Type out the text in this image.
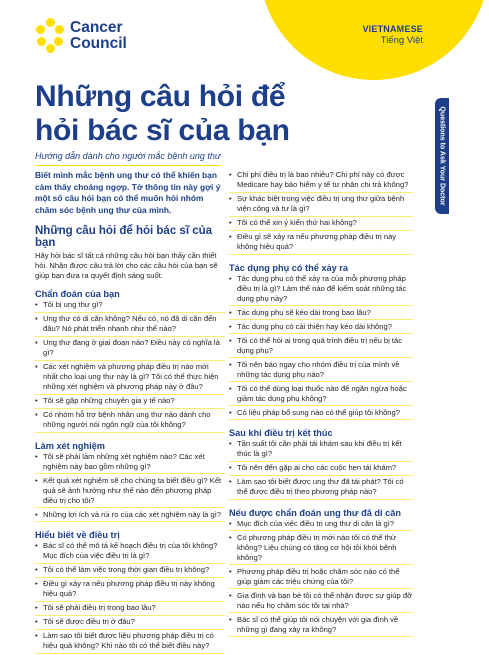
Cancer
Council
VIETNAMESE
Tiếng Việt
Questions to Ask Your Doctor
Những câu hỏi để
hỏi bác sĩ của bạn
Hướng dẫn dành cho người mắc bệnh ung thư
Biết mình mắc bệnh ung thư có thể khiến bạn cảm thấy choáng ngợp. Tờ thông tin này gợi ý một số câu hỏi bạn có thể muốn hỏi nhóm chăm sóc bệnh ung thư của mình.
Những câu hỏi để hỏi bác sĩ của bạn
Hãy hỏi bác sĩ tất cả những câu hỏi bạn thấy cần thiết hỏi. Nhận được câu trả lời cho các câu hỏi của bạn sẽ giúp bạn đưa ra quyết định sáng suốt.
Chẩn đoán của bạn
• Tôi bị ung thư gì?
• Ung thư có di căn không? Nếu có, nó đã di căn đến đâu? Nó phát triển nhanh như thế nào?
• Ung thư đang ở giai đoạn nào? Điều này có nghĩa là gì?
• Các xét nghiệm và phương pháp điều trị nào mới nhất cho loại ung thư này là gì? Tôi có thể thực hiện những xét nghiệm và phương pháp này ở đâu?
• Tôi sẽ gặp những chuyên gia y tế nào?
• Có nhóm hỗ trợ bệnh nhân ung thư nào dành cho những người nói ngôn ngữ của tôi không?
Làm xét nghiệm
• Tôi sẽ phải làm những xét nghiệm nào? Các xét nghiệm này bao gồm những gì?
• Kết quả xét nghiệm sẽ cho chúng ta biết điều gì? Kết quả sẽ ảnh hưởng như thế nào đến phương pháp điều trị cho tôi?
• Những lợi ích và rủi ro của các xét nghiệm này là gì?
Hiểu biết về điều trị
• Bác sĩ có thể mô tả kế hoạch điều trị của tôi không? Mục đích của việc điều trị là gì?
• Tôi có thể làm việc trong thời gian điều trị không?
• Điều gì xảy ra nếu phương pháp điều trị này không hiệu quả?
• Tôi sẽ phải điều trị trong bao lâu?
• Tôi sẽ được điều trị ở đâu?
• Làm sao tôi biết được liệu phương pháp điều trị có hiệu quả không? Khi nào tôi có thể biết điều này?
• Chi phí điều trị là bao nhiêu? Chi phí này có được Medicare hay bảo hiểm y tế tư nhân chi trả không?
• Sự khác biệt trong việc điều trị ung thư giữa bệnh viện công và tư là gì?
• Tôi có thể xin ý kiến thứ hai không?
• Điều gì sẽ xảy ra nếu phương pháp điều trị này không hiệu quả?
Tác dụng phụ có thể xảy ra
• Tác dụng phụ có thể xảy ra của mỗi phương pháp điều trị là gì? Làm thế nào để kiểm soát những tác dụng phụ này?
• Tác dụng phụ sẽ kéo dài trong bao lâu?
• Tác dụng phụ có cải thiện hay kéo dài không?
• Tôi có thể hỏi ai trong quá trình điều trị nếu bị tác dụng phụ?
• Tôi nên báo ngay cho nhóm điều trị của mình về những tác dụng phụ nào?
• Tôi có thể dùng loại thuốc nào để ngăn ngừa hoặc giảm tác dụng phụ không?
• Có liệu pháp bổ sung nào có thể giúp tôi không?
Sau khi điều trị kết thúc
• Tần suất tôi cần phải tái khám sau khi điều trị kết thúc là gì?
• Tôi nên đến gặp ai cho các cuộc hẹn tái khám?
• Làm sao tôi biết được ung thư đã tái phát? Tôi có thể được điều trị theo phương pháp nào?
Nếu được chẩn đoán ung thư đã di căn
• Mục đích của việc điều trị ung thư di căn là gì?
• Có phương pháp điều trị mới nào tôi có thể thử không? Liệu chúng có tăng cơ hội tồi khỏi bệnh không?
• Phương pháp điều trị hoặc chăm sóc nào có thể giúp giảm các triệu chứng của tôi?
• Gia đình và bạn bè tôi có thể nhận được sự giúp đỡ nào nếu họ chăm sóc tôi tại nhà?
• Bác sĩ có thể giúp tôi nói chuyện với gia đình về những gì đang xảy ra không?
